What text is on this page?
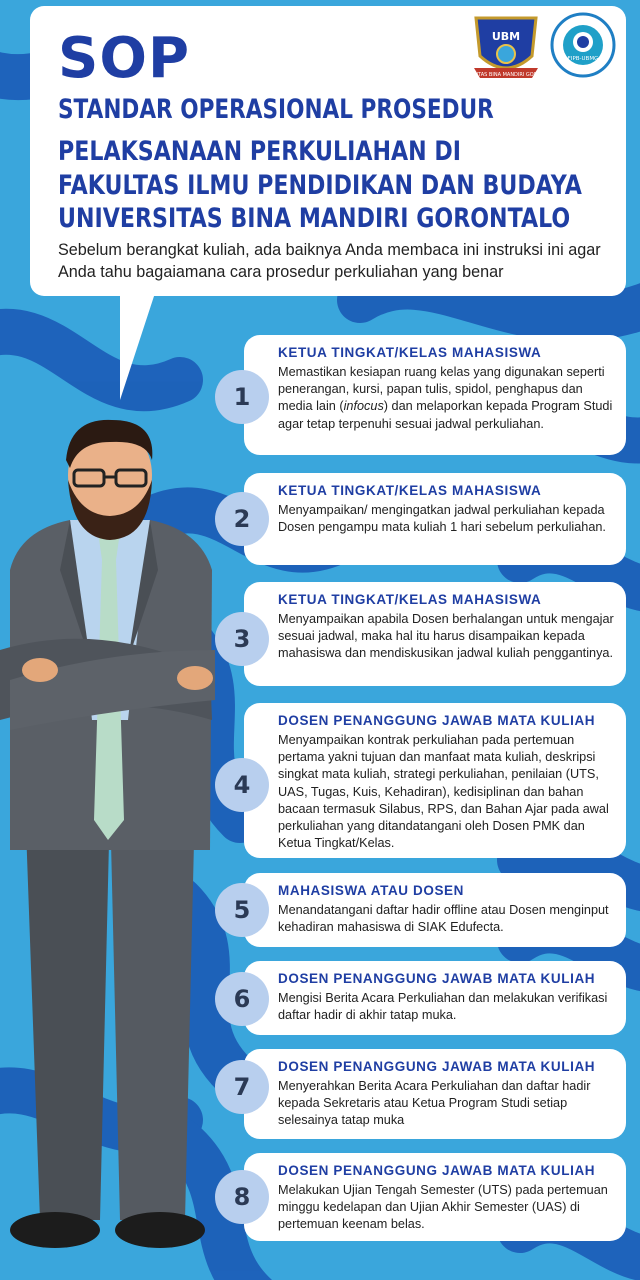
SOP
STANDAR OPERASIONAL PROSEDUR
PELAKSANAAN PERKULIAHAN DI
FAKULTAS ILMU PENDIDIKAN DAN BUDAYA
UNIVERSITAS BINA MANDIRI GORONTALO

Sebelum berangkat kuliah, ada baiknya Anda membaca ini instruksi ini agar Anda tahu bagaiamana cara prosedur perkuliahan yang benar

UBM
UNIVERSITAS BINA MANDIRI GORONTALO
FIPB-UBMG
KETUA TINGKAT/KELAS MAHASISWA

Memastikan kesiapan ruang kelas yang digunakan seperti penerangan, kursi, papan tulis, spidol, penghapus dan media lain (infocus) dan melaporkan kepada Program Studi agar tetap terpenuhi sesuai jadwal perkuliahan.

1
KETUA TINGKAT/KELAS MAHASISWA

Menyampaikan/ mengingatkan jadwal perkuliahan kepada Dosen pengampu mata kuliah 1 hari sebelum perkuliahan.

2
KETUA TINGKAT/KELAS MAHASISWA

Menyampaikan apabila Dosen berhalangan untuk mengajar sesuai jadwal, maka hal itu harus disampaikan kepada mahasiswa dan mendiskusikan jadwal kuliah penggantinya.

3
DOSEN PENANGGUNG JAWAB MATA KULIAH

Menyampaikan kontrak perkuliahan pada pertemuan pertama yakni tujuan dan manfaat mata kuliah, deskripsi singkat mata kuliah, strategi perkuliahan, penilaian (UTS, UAS, Tugas, Kuis, Kehadiran), kedisiplinan dan bahan bacaan termasuk Silabus, RPS, dan Bahan Ajar pada awal perkuliahan yang ditandatangani oleh Dosen PMK dan Ketua Tingkat/Kelas.

4
MAHASISWA ATAU DOSEN

Menandatangani daftar hadir offline atau Dosen menginput kehadiran mahasiswa di SIAK Edufecta.

5
DOSEN PENANGGUNG JAWAB MATA KULIAH

Mengisi Berita Acara Perkuliahan dan melakukan verifikasi daftar hadir di akhir tatap muka.

6
DOSEN PENANGGUNG JAWAB MATA KULIAH

Menyerahkan Berita Acara Perkuliahan dan daftar hadir kepada Sekretaris atau Ketua Program Studi setiap selesainya tatap muka

7
DOSEN PENANGGUNG JAWAB MATA KULIAH

Melakukan Ujian Tengah Semester (UTS) pada pertemuan minggu kedelapan dan Ujian Akhir Semester (UAS) di pertemuan keenam belas.

8
